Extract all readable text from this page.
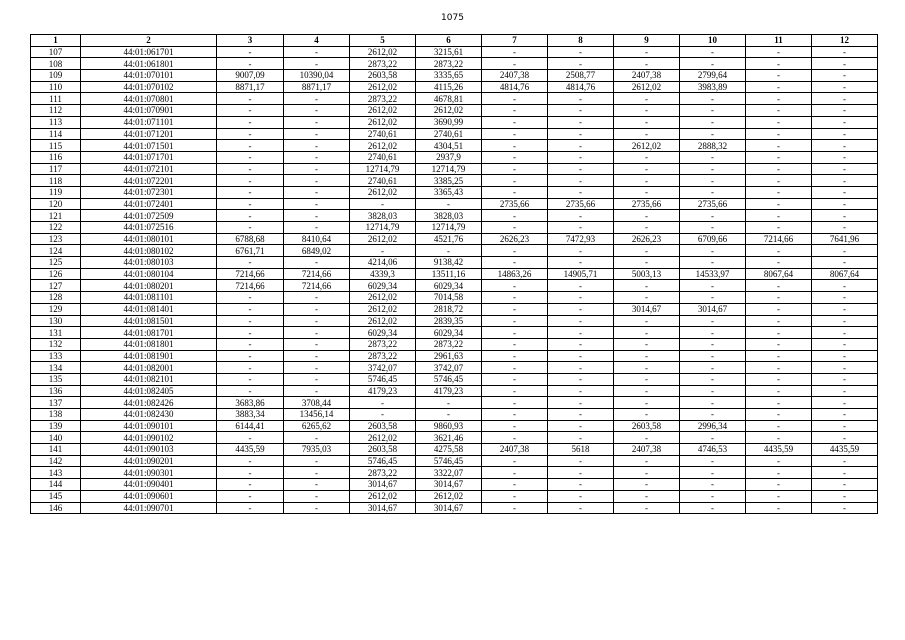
1075
1	2	3	4	5	6	7	8	9	10	11	12
107	44:01:061701	-	-	2612,02	3215,61	-	-	-	-	-	-
108	44:01:061801	-	-	2873,22	2873,22	-	-	-	-	-	-
109	44:01:070101	9007,09	10390,04	2603,58	3335,65	2407,38	2508,77	2407,38	2799,64	-	-
110	44:01:070102	8871,17	8871,17	2612,02	4115,26	4814,76	4814,76	2612,02	3983,89	-	-
111	44:01:070801	-	-	2873,22	4678,81	-	-	-	-	-	-
112	44:01:070901	-	-	2612,02	2612,02	-	-	-	-	-	-
113	44:01:071101	-	-	2612,02	3690,99	-	-	-	-	-	-
114	44:01:071201	-	-	2740,61	2740,61	-	-	-	-	-	-
115	44:01:071501	-	-	2612,02	4304,51	-	-	2612,02	2888,32	-	-
116	44:01:071701	-	-	2740,61	2937,9	-	-	-	-	-	-
117	44:01:072101	-	-	12714,79	12714,79	-	-	-	-	-	-
118	44:01:072201	-	-	2740,61	3385,25	-	-	-	-	-	-
119	44:01:072301	-	-	2612,02	3365,43	-	-	-	-	-	-
120	44:01:072401	-	-	-	-	2735,66	2735,66	2735,66	2735,66	-	-
121	44:01:072509	-	-	3828,03	3828,03	-	-	-	-	-	-
122	44:01:072516	-	-	12714,79	12714,79	-	-	-	-	-	-
123	44:01:080101	6788,68	8410,64	2612,02	4521,76	2626,23	7472,93	2626,23	6709,66	7214,66	7641,96
124	44:01:080102	6761,71	6849,02	-	-	-	-	-	-	-	-
125	44:01:080103	-	-	4214,06	9138,42	-	-	-	-	-	-
126	44:01:080104	7214,66	7214,66	4339,3	13511,16	14863,26	14905,71	5003,13	14533,97	8067,64	8067,64
127	44:01:080201	7214,66	7214,66	6029,34	6029,34	-	-	-	-	-	-
128	44:01:081101	-	-	2612,02	7014,58	-	-	-	-	-	-
129	44:01:081401	-	-	2612,02	2818,72	-	-	3014,67	3014,67	-	-
130	44:01:081501	-	-	2612,02	2839,35	-	-	-	-	-	-
131	44:01:081701	-	-	6029,34	6029,34	-	-	-	-	-	-
132	44:01:081801	-	-	2873,22	2873,22	-	-	-	-	-	-
133	44:01:081901	-	-	2873,22	2961,63	-	-	-	-	-	-
134	44:01:082001	-	-	3742,07	3742,07	-	-	-	-	-	-
135	44:01:082101	-	-	5746,45	5746,45	-	-	-	-	-	-
136	44:01:082405	-	-	4179,23	4179,23	-	-	-	-	-	-
137	44:01:082426	3683,86	3708,44	-	-	-	-	-	-	-	-
138	44:01:082430	3883,34	13456,14	-	-	-	-	-	-	-	-
139	44:01:090101	6144,41	6265,62	2603,58	9860,93	-	-	2603,58	2996,34	-	-
140	44:01:090102	-	-	2612,02	3621,46	-	-	-	-	-	-
141	44:01:090103	4435,59	7935,03	2603,58	4275,58	2407,38	5618	2407,38	4746,53	4435,59	4435,59
142	44:01:090201	-	-	5746,45	5746,45	-	-	-	-	-	-
143	44:01:090301	-	-	2873,22	3322,07	-	-	-	-	-	-
144	44:01:090401	-	-	3014,67	3014,67	-	-	-	-	-	-
145	44:01:090601	-	-	2612,02	2612,02	-	-	-	-	-	-
146	44:01:090701	-	-	3014,67	3014,67	-	-	-	-	-	-
